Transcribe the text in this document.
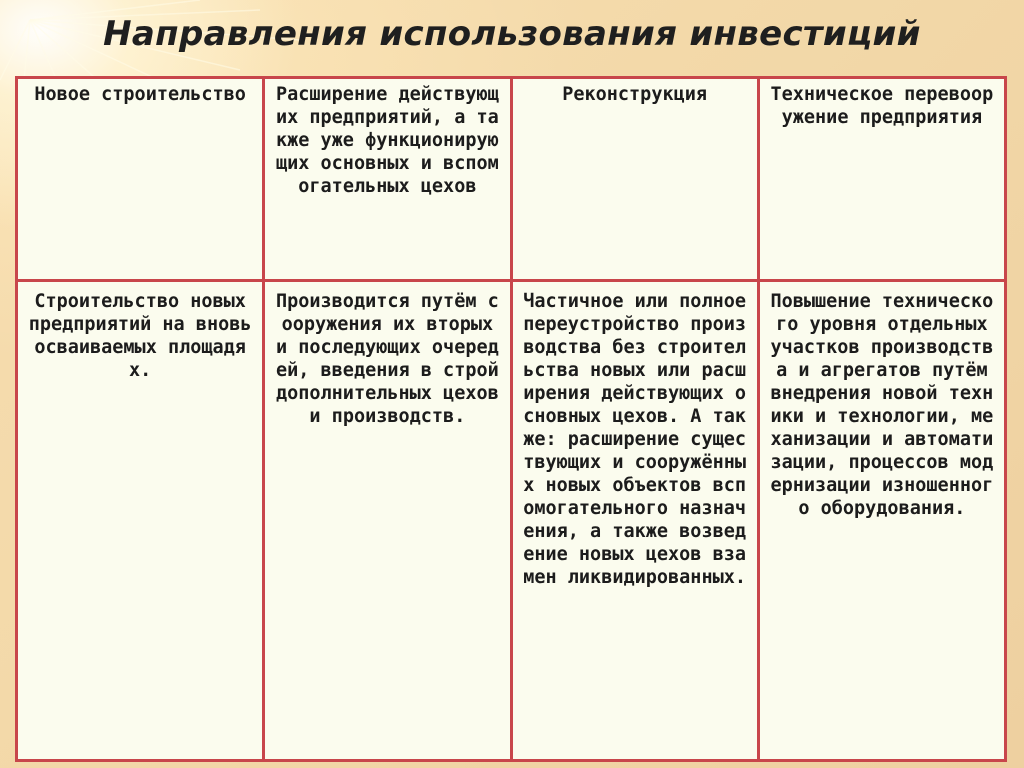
Направления использования инвестиций
Новое строительство	Расширение действующих предприятий, а также уже функционирующих основных и вспомогательных цехов	Реконструкция	Техническое перевооружение предприятия
Строительство новых предприятий на вновь осваиваемых площадях.	Производится путём сооружения их вторых и последующих очередей, введения в строй дополнительных цехов и производств.	Частичное или полное переустройство производства без строительства новых или расширения действующих основных цехов. А также: расширение существующих и сооружённых новых объектов вспомогательного назначения, а также возведение новых цехов взамен ликвидированных.	Повышение технического уровня отдельных участков производства и агрегатов путём внедрения новой техники и технологии, механизации и автоматизации, процессов модернизации изношенного оборудования.
